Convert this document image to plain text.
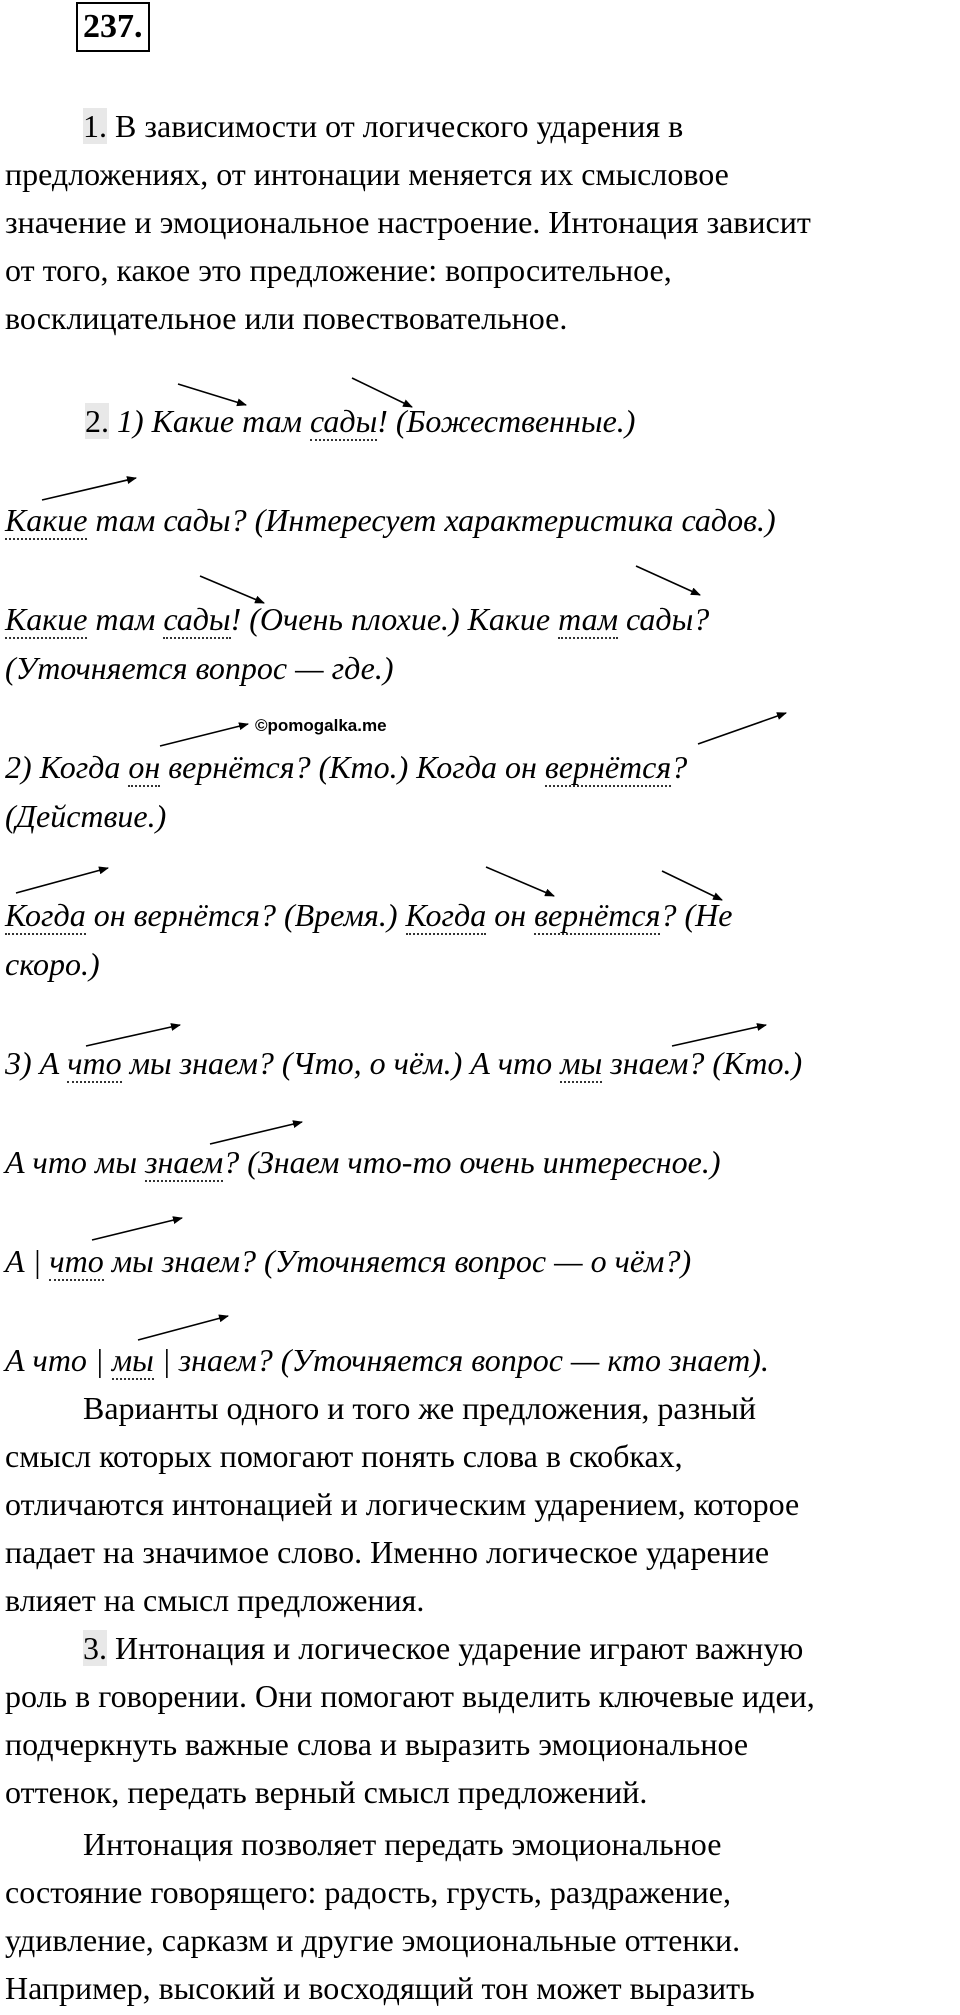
237.
1. В зависимости от логического ударения в
предложениях, от интонации меняется их смысловое
значение и эмоциональное настроение. Интонация зависит
от того, какое это предложение: вопросительное,
восклицательное или повествовательное.
2. 1) Какие там сады! (Божественные.)
Какие там сады? (Интересует характеристика садов.)
Какие там сады! (Очень плохие.) Какие там сады?
(Уточняется вопрос — где.)
2) Когда он вернётся? (Кто.) Когда он вернётся?
(Действие.)
Когда он вернётся? (Время.) Когда он вернётся? (Не
скоро.)
3) А что мы знаем? (Что, о чём.) А что мы знаем? (Кто.)
А что мы знаем? (Знаем что-то очень интересное.)
А | что мы знаем? (Уточняется вопрос — о чём?)
А что | мы | знаем? (Уточняется вопрос — кто знает).
Варианты одного и того же предложения, разный
смысл которых помогают понять слова в скобках,
отличаются интонацией и логическим ударением, которое
падает на значимое слово. Именно логическое ударение
влияет на смысл предложения.
3. Интонация и логическое ударение играют важную
роль в говорении. Они помогают выделить ключевые идеи,
подчеркнуть важные слова и выразить эмоциональное
оттенок, передать верный смысл предложений.
Интонация позволяет передать эмоциональное
состояние говорящего: радость, грусть, раздражение,
удивление, сарказм и другие эмоциональные оттенки.
Например, высокий и восходящий тон может выразить
©pomogalka.me
